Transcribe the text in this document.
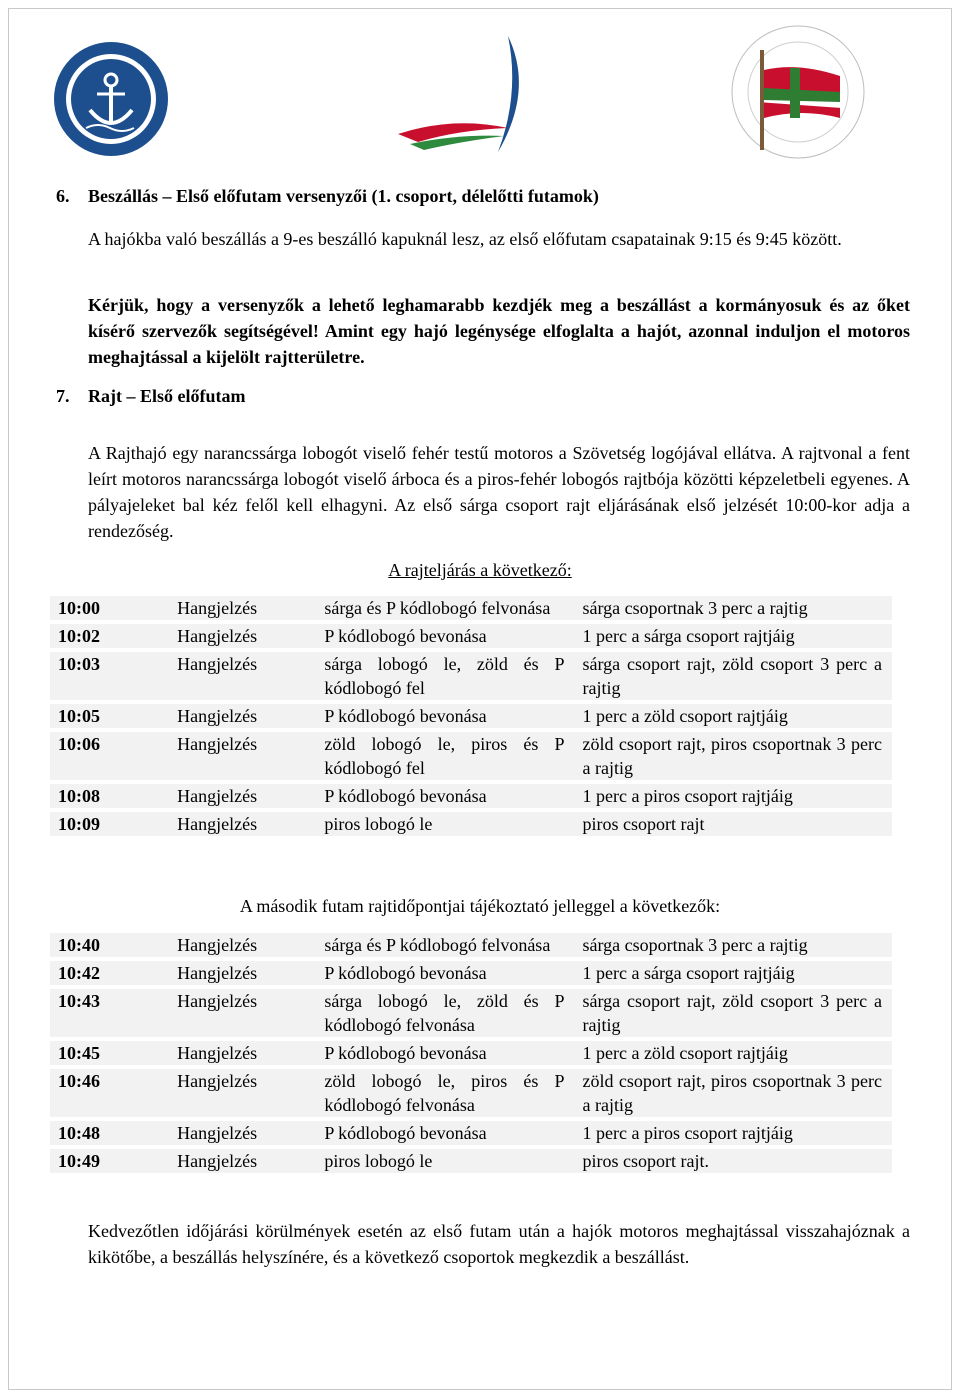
6. Beszállás – Első előfutam versenyzői (1. csoport, délelőtti futamok)
A hajókba való beszállás a 9-es beszálló kapuknál lesz, az első előfutam csapatainak 9:15 és 9:45 között.
Kérjük, hogy a versenyzők a lehető leghamarabb kezdjék meg a beszállást a kormányosuk és az őket kísérő szervezők segítségével! Amint egy hajó legénysége elfoglalta a hajót, azonnal induljon el motoros meghajtással a kijelölt rajtterületre.
7. Rajt – Első előfutam
A Rajthajó egy narancssárga lobogót viselő fehér testű motoros a Szövetség logójával ellátva. A rajtvonal a fent leírt motoros narancssárga lobogót viselő árboca és a piros-fehér lobogós rajtbója közötti képzeletbeli egyenes. A pályajeleket bal kéz felől kell elhagyni. Az első sárga csoport rajt eljárásának első jelzését 10:00-kor adja a rendezőség.
A rajteljárás a következő:
10:00	Hangjelzés	sárga és P kódlobogó felvonása	sárga csoportnak 3 perc a rajtig
10:02	Hangjelzés	P kódlobogó bevonása	1 perc a sárga csoport rajtjáig
10:03	Hangjelzés	sárga lobogó le, zöld és P kódlobogó fel	sárga csoport rajt, zöld csoport 3 perc a rajtig
10:05	Hangjelzés	P kódlobogó bevonása	1 perc a zöld csoport rajtjáig
10:06	Hangjelzés	zöld lobogó le, piros és P kódlobogó fel	zöld csoport rajt, piros csoportnak 3 perc a rajtig
10:08	Hangjelzés	P kódlobogó bevonása	1 perc a piros csoport rajtjáig
10:09	Hangjelzés	piros lobogó le	piros csoport rajt
A második futam rajtidőpontjai tájékoztató jelleggel a következők:
10:40	Hangjelzés	sárga és P kódlobogó felvonása	sárga csoportnak 3 perc a rajtig
10:42	Hangjelzés	P kódlobogó bevonása	1 perc a sárga csoport rajtjáig
10:43	Hangjelzés	sárga lobogó le, zöld és P kódlobogó felvonása	sárga csoport rajt, zöld csoport 3 perc a rajtig
10:45	Hangjelzés	P kódlobogó bevonása	1 perc a zöld csoport rajtjáig
10:46	Hangjelzés	zöld lobogó le, piros és P kódlobogó felvonása	zöld csoport rajt, piros csoportnak 3 perc a rajtig
10:48	Hangjelzés	P kódlobogó bevonása	1 perc a piros csoport rajtjáig
10:49	Hangjelzés	piros lobogó le	piros csoport rajt.
Kedvezőtlen időjárási körülmények esetén az első futam után a hajók motoros meghajtással visszahajóznak a kikötőbe, a beszállás helyszínére, és a következő csoportok megkezdik a beszállást.
